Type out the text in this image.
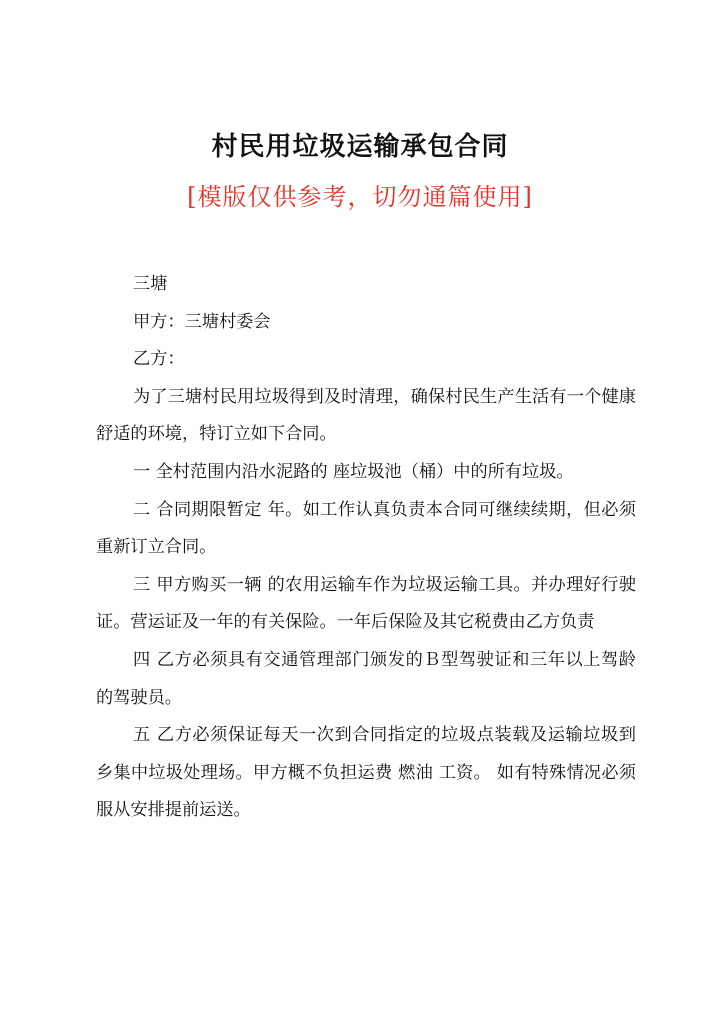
村民用垃圾运输承包合同
[模版仅供参考，切勿通篇使用]

三塘

甲方：三塘村委会

乙方：

为了三塘村民用垃圾得到及时清理，确保村民生产生活有一个健康舒适的环境，特订立如下合同。

一 全村范围内沿水泥路的 座垃圾池（桶）中的所有垃圾。

二 合同期限暂定 年。如工作认真负责本合同可继续续期，但必须重新订立合同。

三 甲方购买一辆 的农用运输车作为垃圾运输工具。并办理好行驶证。营运证及一年的有关保险。一年后保险及其它税费由乙方负责

四 乙方必须具有交通管理部门颁发的Ｂ型驾驶证和三年以上驾龄的驾驶员。

五 乙方必须保证每天一次到合同指定的垃圾点装载及运输垃圾到乡集中垃圾处理场。甲方概不负担运费 燃油 工资。 如有特殊情况必须服从安排提前运送。
